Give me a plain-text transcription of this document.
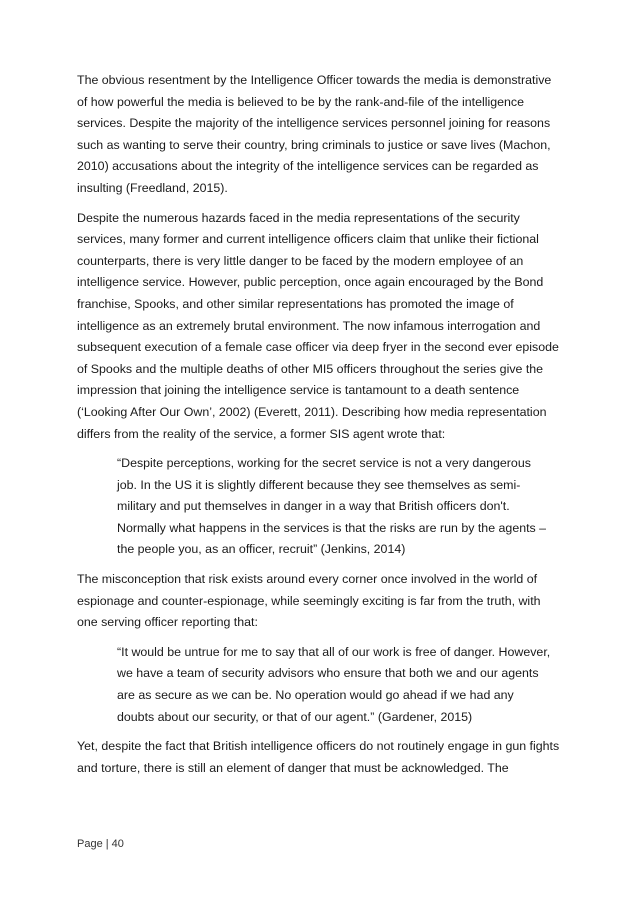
The obvious resentment by the Intelligence Officer towards the media is demonstrative of how powerful the media is believed to be by the rank-and-file of the intelligence services. Despite the majority of the intelligence services personnel joining for reasons such as wanting to serve their country, bring criminals to justice or save lives (Machon, 2010) accusations about the integrity of the intelligence services can be regarded as insulting (Freedland, 2015).

Despite the numerous hazards faced in the media representations of the security services, many former and current intelligence officers claim that unlike their fictional counterparts, there is very little danger to be faced by the modern employee of an intelligence service. However, public perception, once again encouraged by the Bond franchise, Spooks, and other similar representations has promoted the image of intelligence as an extremely brutal environment. The now infamous interrogation and subsequent execution of a female case officer via deep fryer in the second ever episode of Spooks and the multiple deaths of other MI5 officers throughout the series give the impression that joining the intelligence service is tantamount to a death sentence (‘Looking After Our Own’, 2002) (Everett, 2011). Describing how media representation differs from the reality of the service, a former SIS agent wrote that:

“Despite perceptions, working for the secret service is not a very dangerous job. In the US it is slightly different because they see themselves as semi-military and put themselves in danger in a way that British officers don't. Normally what happens in the services is that the risks are run by the agents – the people you, as an officer, recruit” (Jenkins, 2014)

The misconception that risk exists around every corner once involved in the world of espionage and counter-espionage, while seemingly exciting is far from the truth, with one serving officer reporting that:

“It would be untrue for me to say that all of our work is free of danger. However, we have a team of security advisors who ensure that both we and our agents are as secure as we can be. No operation would go ahead if we had any doubts about our security, or that of our agent.” (Gardener, 2015)

Yet, despite the fact that British intelligence officers do not routinely engage in gun fights and torture, there is still an element of danger that must be acknowledged. The

Page | 40
